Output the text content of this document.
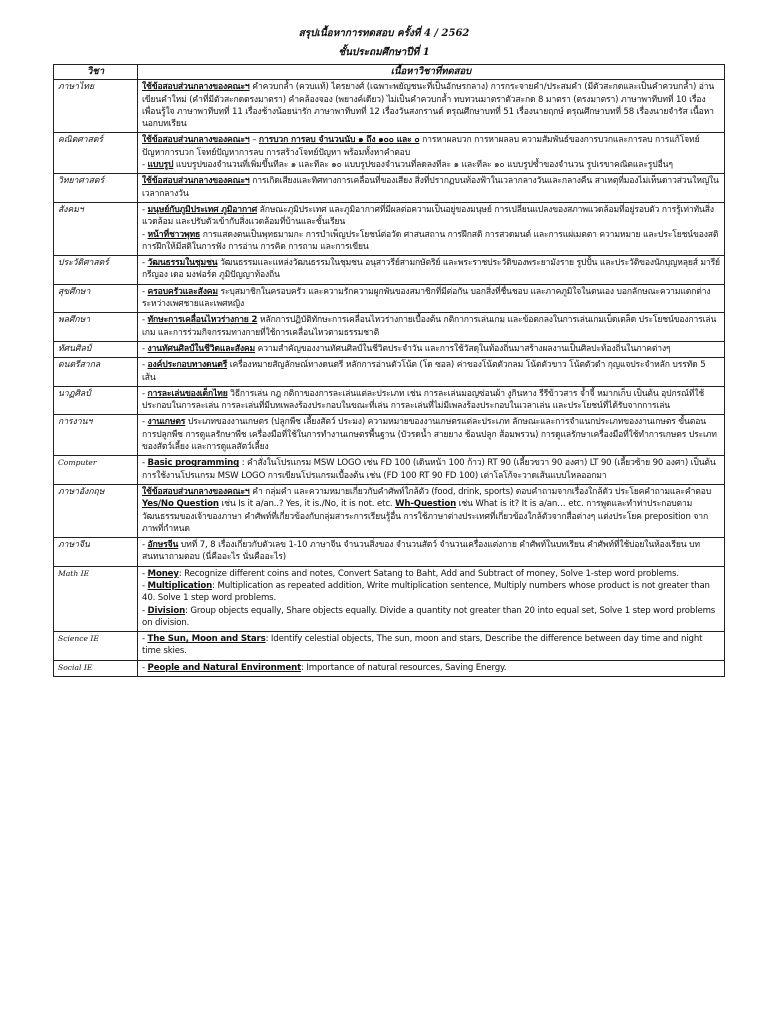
สรุปเนื้อหาการทดสอบ ครั้งที่ 4 / 2562
ชั้นประถมศึกษาปีที่ 1
วิชา	เนื้อหาวิชาที่ทดสอบ
ภาษาไทย	ใช้ข้อสอบส่วนกลางของคณะฯ คำควบกล้ำ (ควบแท้) ไตรยางศ์ (เฉพาะพยัญชนะที่เป็นอักษรกลาง) การกระจายคำ/ประสมคำ (มีตัวสะกดและเป็นคำควบกล้ำ) อ่านเขียนคำใหม่ (คำที่มีตัวสะกดตรงมาตรา) คำคล้องจอง (พยางค์เดียว) ไม่เป็นคำควบกล้ำ ทบทวนมาตราตัวสะกด 8 มาตรา (ตรงมาตรา) ภาษาพาทีบทที่ 10 เรื่องเพื่อนรู้ใจ ภาษาพาทีบทที่ 11 เรื่องช้างน้อยน่ารัก ภาษาพาทีบทที่ 12 เรื่องวันสงกรานต์ ดรุณศึกษาบทที่ 51 เรื่องนายฤกษ์ ดรุณศึกษาบทที่ 58 เรื่องนายจำรัส เนื้อหานอกบทเรียน
คณิตศาสตร์	ใช้ข้อสอบส่วนกลางของคณะฯ – การบวก การลบ จำนวนนับ ๑ ถึง ๑๐๐ และ ๐ การหาผลบวก การหาผลลบ ความสัมพันธ์ของการบวกและการลบ การแก้โจทย์ปัญหาการบวก โจทย์ปัญหาการลบ การสร้างโจทย์ปัญหา พร้อมทั้งหาคำตอบ
- แบบรูป แบบรูปของจำนวนที่เพิ่มขึ้นทีละ ๑ และทีละ ๑๐ แบบรูปของจำนวนที่ลดลงทีละ ๑ และทีละ ๑๐ แบบรูปซ้ำของจำนวน รูปเรขาคณิตและรูปอื่นๆ
วิทยาศาสตร์	ใช้ข้อสอบส่วนกลางของคณะฯ การเกิดเสียงและทิศทางการเคลื่อนที่ของเสียง สิ่งที่ปรากฏบนท้องฟ้าในเวลากลางวันและกลางคืน สาเหตุที่มองไม่เห็นดาวส่วนใหญ่ในเวลากลางวัน
สังคมฯ	- มนุษย์กับภูมิประเทศ ภูมิอากาศ ลักษณะภูมิประเทศ และภูมิอากาศที่มีผลต่อความเป็นอยู่ของมนุษย์ การเปลี่ยนแปลงของสภาพแวดล้อมที่อยู่รอบตัว การรู้เท่าทันสิ่งแวดล้อม และปรับตัวเข้ากับสิ่งแวดล้อมที่บ้านและชั้นเรียน
- หน้าที่ชาวพุทธ การแสดงตนเป็นพุทธมามกะ การบำเพ็ญประโยชน์ต่อวัด ศาสนสถาน การฝึกสติ การสวดมนต์ และการแผ่เมตตา ความหมาย และประโยชน์ของสติ การฝึกให้มีสติในการฟัง การอ่าน การคิด การถาม และการเขียน
ประวัติศาสตร์	- วัฒนธรรมในชุมชน วัฒนธรรมและแหล่งวัฒนธรรมในชุมชน อนุสาวรีย์สามกษัตริย์ และพระราชประวัติของพระยามังราย รูปปั้น และประวัติของนักบุญหลุยส์ มารีย์ กรีญอง เดอ มงฟอร์ต ภูมิปัญญาท้องถิ่น
สุขศึกษา	- ครอบครัวและสังคม ระบุสมาชิกในครอบครัว และความรักความผูกพันของสมาชิกที่มีต่อกัน บอกสิ่งที่ชื่นชอบ และภาคภูมิใจในตนเอง บอกลักษณะความแตกต่างระหว่างเพศชายและเพศหญิง
พลศึกษา	- ทักษะการเคลื่อนไหวร่างกาย 2 หลักการปฏิบัติทักษะการเคลื่อนไหวร่างกายเบื้องต้น กติกาการเล่นเกม และข้อตกลงในการเล่นเกมเบ็ดเตล็ด ประโยชน์ของการเล่นเกม และการร่วมกิจกรรมทางกายที่ใช้การเคลื่อนไหวตามธรรมชาติ
ทัศนศิลป์	- งานทัศนศิลป์ในชีวิตและสังคม ความสำคัญของงานทัศนศิลป์ในชีวิตประจำวัน และการใช้วัสดุในท้องถิ่นมาสร้างผลงานเป็นศิลปะท้องถิ่นในภาคต่างๆ
ดนตรีสากล	- องค์ประกอบทางดนตรี เครื่องหมายสัญลักษณ์ทางดนตรี หลักการอ่านตัวโน้ต (โด ซอล) ค่าของโน้ตตัวกลม โน้ตตัวขาว โน้ตตัวดำ กุญแจประจำหลัก บรรทัด 5 เส้น
นาฏศิลป์	- การละเล่นของเด็กไทย วิธีการเล่น กฎ กติกาของการละเล่นแต่ละประเภท เช่น การละเล่นมอญซ่อนผ้า งูกินหาง รีรีข้าวสาร จ้ำจี้ หมากเก็บ เป็นต้น อุปกรณ์ที่ใช้ประกอบในการละเล่น การละเล่นที่มีบทเพลงร้องประกอบในขณะที่เล่น การละเล่นที่ไม่มีเพลงร้องประกอบในเวลาเล่น และประโยชน์ที่ได้รับจากการเล่น
การงานฯ	- งานเกษตร ประเภทของงานเกษตร (ปลูกพืช เลี้ยงสัตว์ ประมง) ความหมายของงานเกษตรแต่ละประเภท ลักษณะและการจำแนกประเภทของงานเกษตร ขั้นตอนการปลูกพืช การดูแลรักษาพืช เครื่องมือที่ใช้ในการทำงานเกษตรพื้นฐาน (บัวรดน้ำ สายยาง ช้อนปลูก ส้อมพรวน) การดูแลรักษาเครื่องมือที่ใช้ทำการเกษตร ประเภทของสัตว์เลี้ยง และการดูแลสัตว์เลี้ยง
Computer	- Basic programming : คำสั่งในโปรแกรม MSW LOGO เช่น FD 100 (เดินหน้า 100 ก้าว) RT 90 (เลี้ยวขวา 90 องศา) LT 90 (เลี้ยวซ้าย 90 องศา) เป็นต้น การใช้งานโปรแกรม MSW LOGO การเขียนโปรแกรมเบื้องต้น เช่น (FD 100 RT 90 FD 100) เต่าโลโก้จะวาดเส้นแบบไหลออกมา
ภาษาอังกฤษ	ใช้ข้อสอบส่วนกลางของคณะฯ คำ กลุ่มคำ และความหมายเกี่ยวกับคำศัพท์ใกล้ตัว (food, drink, sports) ตอบคำถามจากเรื่องใกล้ตัว ประโยคคำถามและคำตอบ Yes/No Question เช่น Is it a/an..? Yes, it is./No, it is not. etc. Wh-Question เช่น What is it? It is a/an… etc. การพูดและทำท่าประกอบตามวัฒนธรรมของเจ้าของภาษา คำศัพท์ที่เกี่ยวข้องกับกลุ่มสาระการเรียนรู้อื่น การใช้ภาษาต่างประเทศที่เกี่ยวข้องใกล้ตัวจากสื่อต่างๆ แต่งประโยค preposition จากภาพที่กำหนด
ภาษาจีน	- อักษรจีน บทที่ 7, 8 เรื่องเกี่ยวกับตัวเลข 1-10 ภาษาจีน จำนวนสิ่งของ จำนวนสัตว์ จำนวนเครื่องแต่งกาย คำศัพท์ในบทเรียน คำศัพท์ที่ใช้บ่อยในห้องเรียน บทสนทนาถามตอบ (นี่คืออะไร นั่นคืออะไร)
Math IE	- Money: Recognize different coins and notes, Convert Satang to Baht, Add and Subtract of money, Solve 1-step word problems.
- Multiplication: Multiplication as repeated addition, Write multiplication sentence, Multiply numbers whose product is not greater than 40. Solve 1 step word problems.
- Division: Group objects equally, Share objects equally. Divide a quantity not greater than 20 into equal set, Solve 1 step word problems on division.
Science IE	- The Sun, Moon and Stars: Identify celestial objects, The sun, moon and stars, Describe the difference between day time and night time skies.
Social IE	- People and Natural Environment: Importance of natural resources, Saving Energy.
